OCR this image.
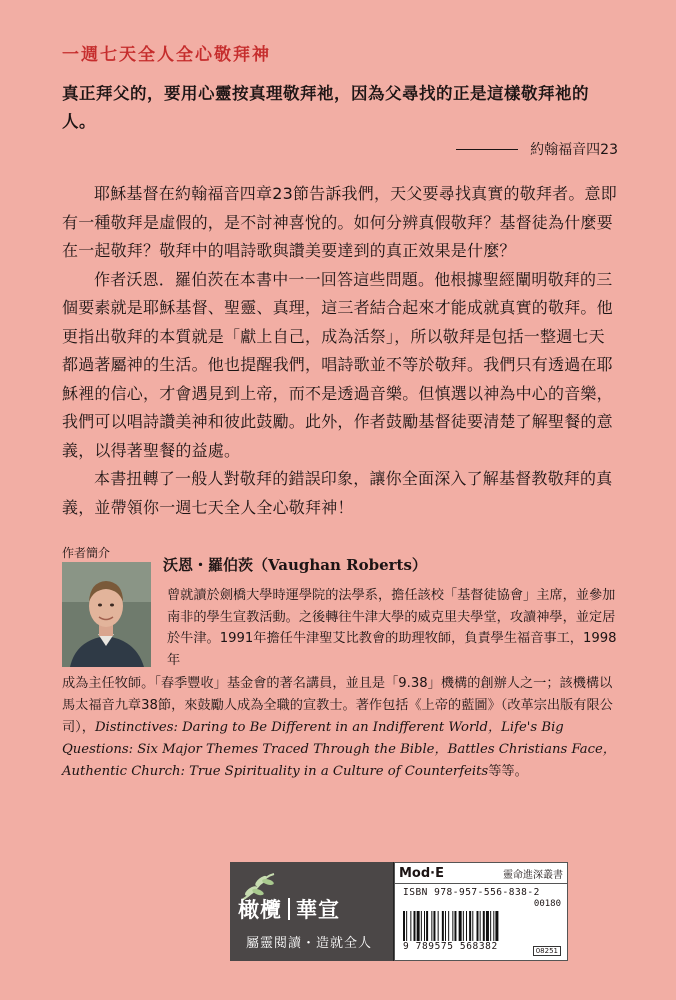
一週七天全人全心敬拜神
真正拜父的，要用心靈按真理敬拜祂，因為父尋找的正是這樣敬拜祂的人。
約翰福音四23

耶穌基督在約翰福音四章23節告訴我們，天父要尋找真實的敬拜者。意即有一種敬拜是虛假的，是不討神喜悅的。如何分辨真假敬拜？基督徒為什麼要在一起敬拜？敬拜中的唱詩歌與讚美要達到的真正效果是什麼？

作者沃恩．羅伯茨在本書中一一回答這些問題。他根據聖經闡明敬拜的三個要素就是耶穌基督、聖靈、真理，這三者結合起來才能成就真實的敬拜。他更指出敬拜的本質就是「獻上自己，成為活祭」，所以敬拜是包括一整週七天都過著屬神的生活。他也提醒我們，唱詩歌並不等於敬拜。我們只有透過在耶穌裡的信心，才會遇見到上帝，而不是透過音樂。但慎選以神為中心的音樂，我們可以唱詩讚美神和彼此鼓勵。此外，作者鼓勵基督徒要清楚了解聖餐的意義，以得著聖餐的益處。

本書扭轉了一般人對敬拜的錯誤印象，讓你全面深入了解基督教敬拜的真義，並帶領你一週七天全人全心敬拜神！

作者簡介
沃恩・羅伯茨（Vaughan Roberts）
曾就讀於劍橋大學時運學院的法學系，擔任該校「基督徒協會」主席，並參加南非的學生宣教活動。之後轉往牛津大學的威克里夫學堂，攻讀神學，並定居於牛津。1991年擔任牛津聖艾比教會的助理牧師，負責學生福音事工，1998年
成為主任牧師。「春季豐收」基金會的著名講員，並且是「9.38」機構的創辦人之一；該機構以馬太福音九章38節，來鼓勵人成為全職的宣教士。著作包括《上帝的藍圖》（改革宗出版有限公司），Distinctives: Daring to Be Different in an Indifferent World，Life's Big Questions: Six Major Themes Traced Through the Bible，Battles Christians Face，Authentic Church: True Spirituality in a Culture of Counterfeits等等。
橄欖 華宣
屬靈閱讀・造就全人
Mod∙E	靈命進深叢書
ISBN 978-957-556-838-2
00180
9 789575 568382	08251
